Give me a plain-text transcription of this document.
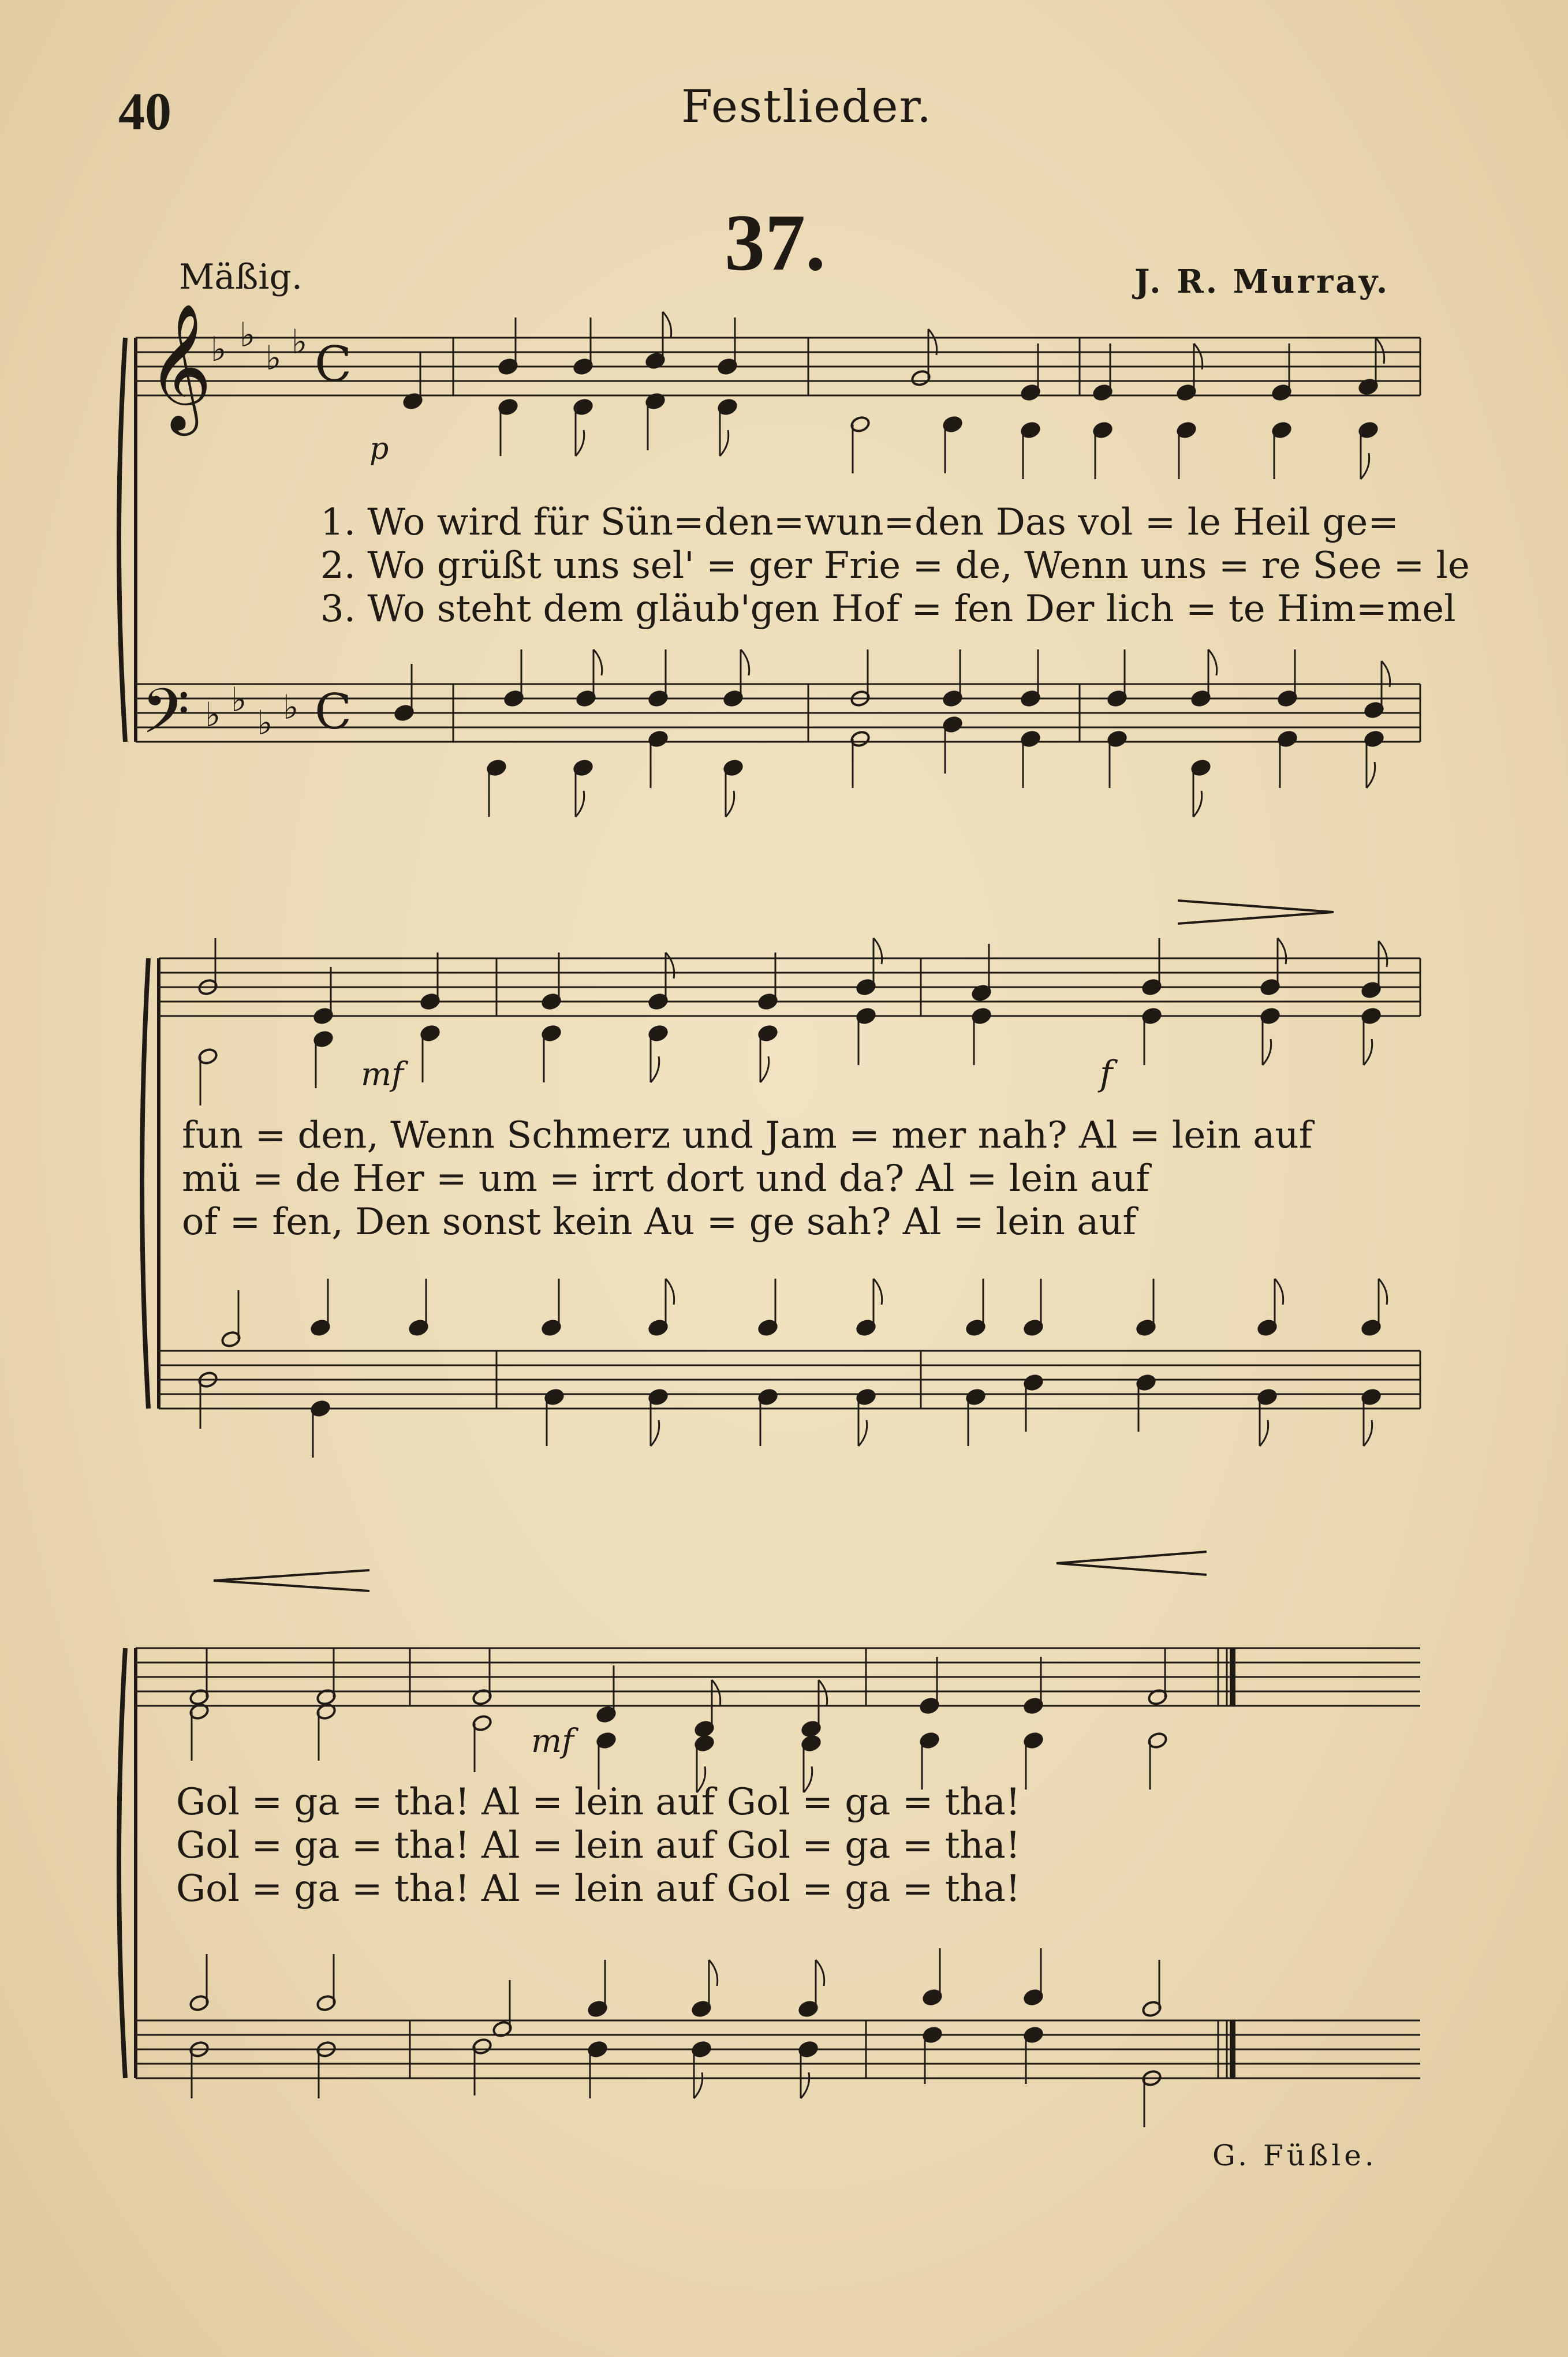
40	Festlieder.
37.
Mäßig.	J. R. Murray.
G. Füßle.
1. Wo wird für Sün=den=wun=den Das vol = le Heil ge=
2. Wo grüßt uns sel' = ger Frie = de, Wenn uns = re See = le
3. Wo steht dem gläub'gen Hof = fen Der lich = te Him=mel
fun = den, Wenn Schmerz und Jam = mer nah? Al = lein auf
mü = de Her = um = irrt dort und da? Al = lein auf
of = fen, Den sonst kein Au = ge sah? Al = lein auf
Gol = ga = tha! Al = lein auf Gol = ga = tha!
Gol = ga = tha! Al = lein auf Gol = ga = tha!
Gol = ga = tha! Al = lein auf Gol = ga = tha!
𝄞
𝄢
♭ ♭
♭ ♭
♭ ♭
♭ ♭
C
C
p
mf	f
mf
